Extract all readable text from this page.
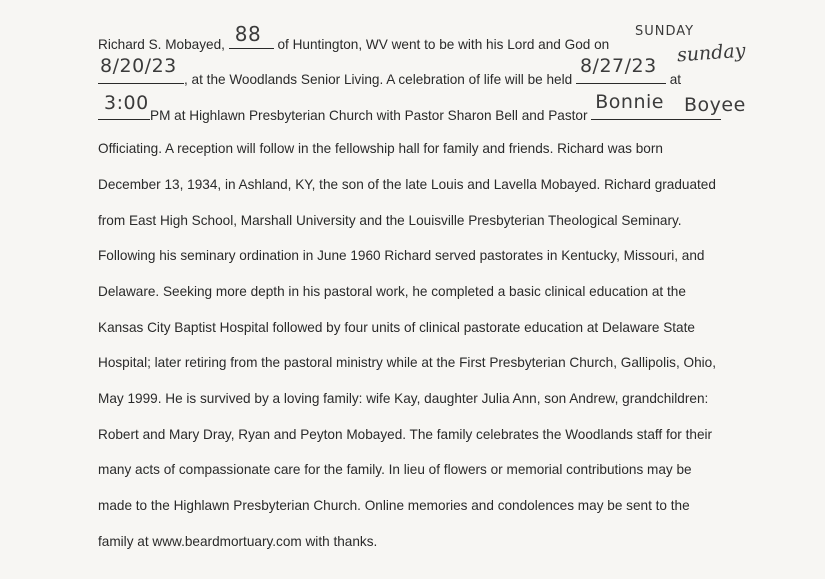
Richard S. Mobayed, 88 of Huntington, WV went to be with his Lord and God on
SUNDAY
8/20/23
, at the Woodlands Senior Living. A celebration of life will be held
8/27/23
at
sunday
3:00
PM at Highlawn Presbyterian Church with Pastor Sharon Bell and Pastor
Bonnie Boyee
Officiating. A reception will follow in the fellowship hall for family and friends. Richard was born
December 13, 1934, in Ashland, KY, the son of the late Louis and Lavella Mobayed. Richard graduated
from East High School, Marshall University and the Louisville Presbyterian Theological Seminary.
Following his seminary ordination in June 1960 Richard served pastorates in Kentucky, Missouri, and
Delaware. Seeking more depth in his pastoral work, he completed a basic clinical education at the
Kansas City Baptist Hospital followed by four units of clinical pastorate education at Delaware State
Hospital; later retiring from the pastoral ministry while at the First Presbyterian Church, Gallipolis, Ohio,
May 1999. He is survived by a loving family: wife Kay, daughter Julia Ann, son Andrew, grandchildren:
Robert and Mary Dray, Ryan and Peyton Mobayed. The family celebrates the Woodlands staff for their
many acts of compassionate care for the family. In lieu of flowers or memorial contributions may be
made to the Highlawn Presbyterian Church. Online memories and condolences may be sent to the
family at www.beardmortuary.com with thanks.
